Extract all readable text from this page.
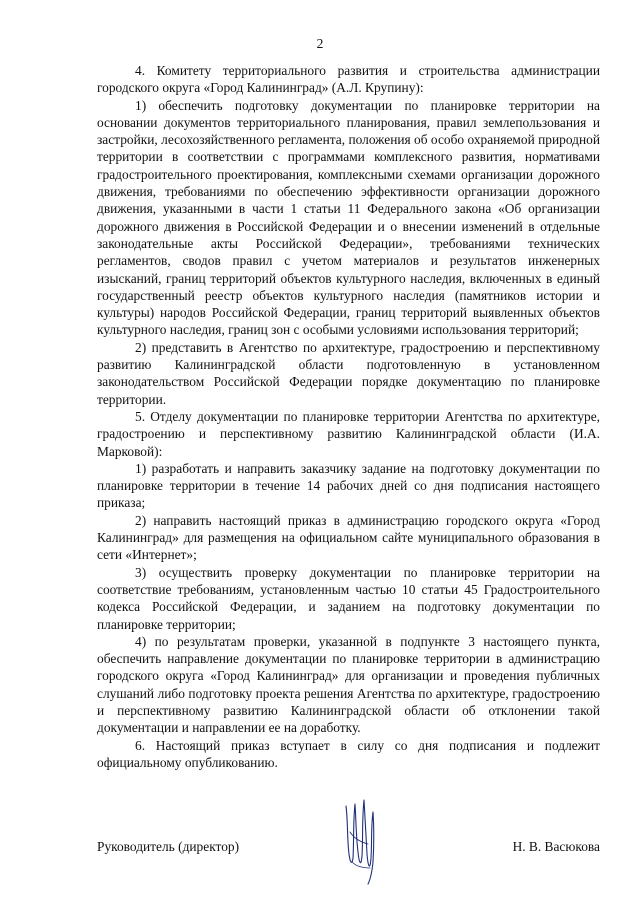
2

4. Комитету территориального развития и строительства администрации городского округа «Город Калининград» (А.Л. Крупину):

1) обеспечить подготовку документации по планировке территории на основании документов территориального планирования, правил землепользования и застройки, лесохозяйственного регламента, положения об особо охраняемой природной территории в соответствии с программами комплексного развития, нормативами градостроительного проектирования, комплексными схемами организации дорожного движения, требованиями по обеспечению эффективности организации дорожного движения, указанными в части 1 статьи 11 Федерального закона «Об организации дорожного движения в Российской Федерации и о внесении изменений в отдельные законодательные акты Российской Федерации», требованиями технических регламентов, сводов правил с учетом материалов и результатов инженерных изысканий, границ территорий объектов культурного наследия, включенных в единый государственный реестр объектов культурного наследия (памятников истории и культуры) народов Российской Федерации, границ территорий выявленных объектов культурного наследия, границ зон с особыми условиями использования территорий;

2) представить в Агентство по архитектуре, градостроению и перспективному развитию Калининградской области подготовленную в установленном законодательством Российской Федерации порядке документацию по планировке территории.

5. Отделу документации по планировке территории Агентства по архитектуре, градостроению и перспективному развитию Калининградской области (И.А. Марковой):

1) разработать и направить заказчику задание на подготовку документации по планировке территории в течение 14 рабочих дней со дня подписания настоящего приказа;

2) направить настоящий приказ в администрацию городского округа «Город Калининград» для размещения на официальном сайте муниципального образования в сети «Интернет»;

3) осуществить проверку документации по планировке территории на соответствие требованиям, установленным частью 10 статьи 45 Градостроительного кодекса Российской Федерации, и заданием на подготовку документации по планировке территории;

4) по результатам проверки, указанной в подпункте 3 настоящего пункта, обеспечить направление документации по планировке территории в администрацию городского округа «Город Калининград» для организации и проведения публичных слушаний либо подготовку проекта решения Агентства по архитектуре, градостроению и перспективному развитию Калининградской области об отклонении такой документации и направлении ее на доработку.

6. Настоящий приказ вступает в силу со дня подписания и подлежит официальному опубликованию.

Руководитель (директор)	Н. В. Васюкова
